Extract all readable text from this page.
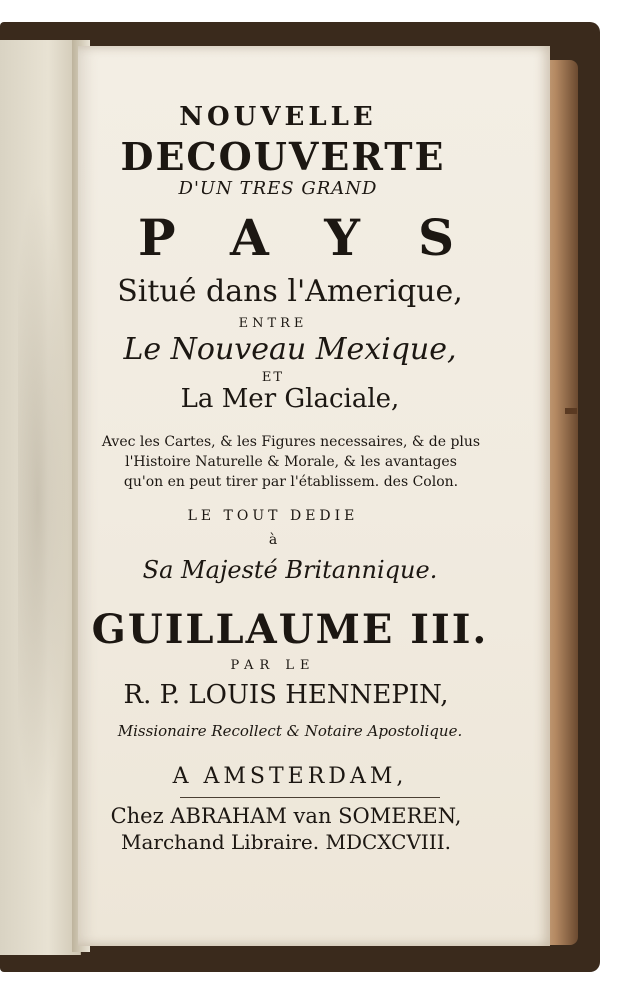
NOUVELLE
DECOUVERTE
D'UN TRES GRAND
PAYS
Situé dans l'Amerique,
ENTRE
Le Nouveau Mexique,
ET
La Mer Glaciale,
Avec les Cartes, & les Figures necessaires, & de plus
l'Histoire Naturelle & Morale, & les avantages
qu'on en peut tirer par l'établissem. des Colon.
LE TOUT DEDIE
à
Sa Majesté Britannique.
GUILLAUME III.
PAR LE
R. P. LOUIS HENNEPIN,
Missionaire Recollect & Notaire Apostolique.
A AMSTERDAM,
Chez ABRAHAM van SOMEREN,
Marchand Libraire. MDCXCVIII.
